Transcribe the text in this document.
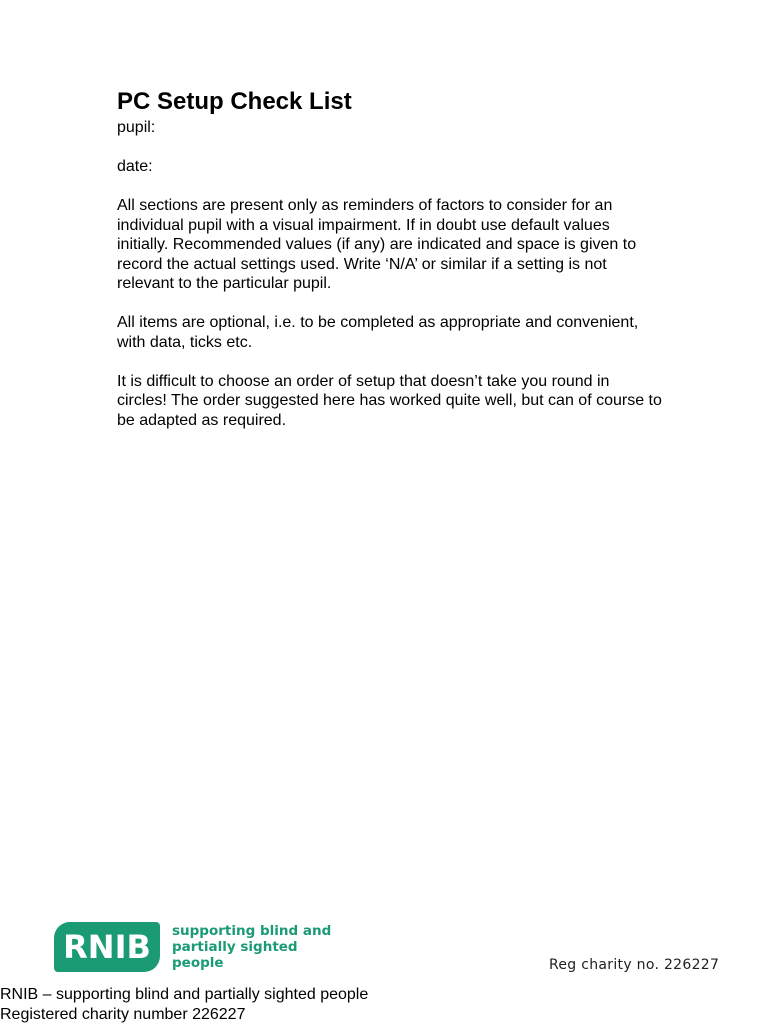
PC Setup Check List

pupil:

date:

All sections are present only as reminders of factors to consider for an individual pupil with a visual impairment. If in doubt use default values initially. Recommended values (if any) are indicated and space is given to record the actual settings used. Write ‘N/A’ or similar if a setting is not relevant to the particular pupil.

All items are optional, i.e. to be completed as appropriate and convenient, with data, ticks etc.

It is difficult to choose an order of setup that doesn’t take you round in circles! The order suggested here has worked quite well, but can of course to be adapted as required.

RNIB	supporting blind and partially sighted people	Reg charity no. 226227
RNIB – supporting blind and partially sighted people
Registered charity number 226227
